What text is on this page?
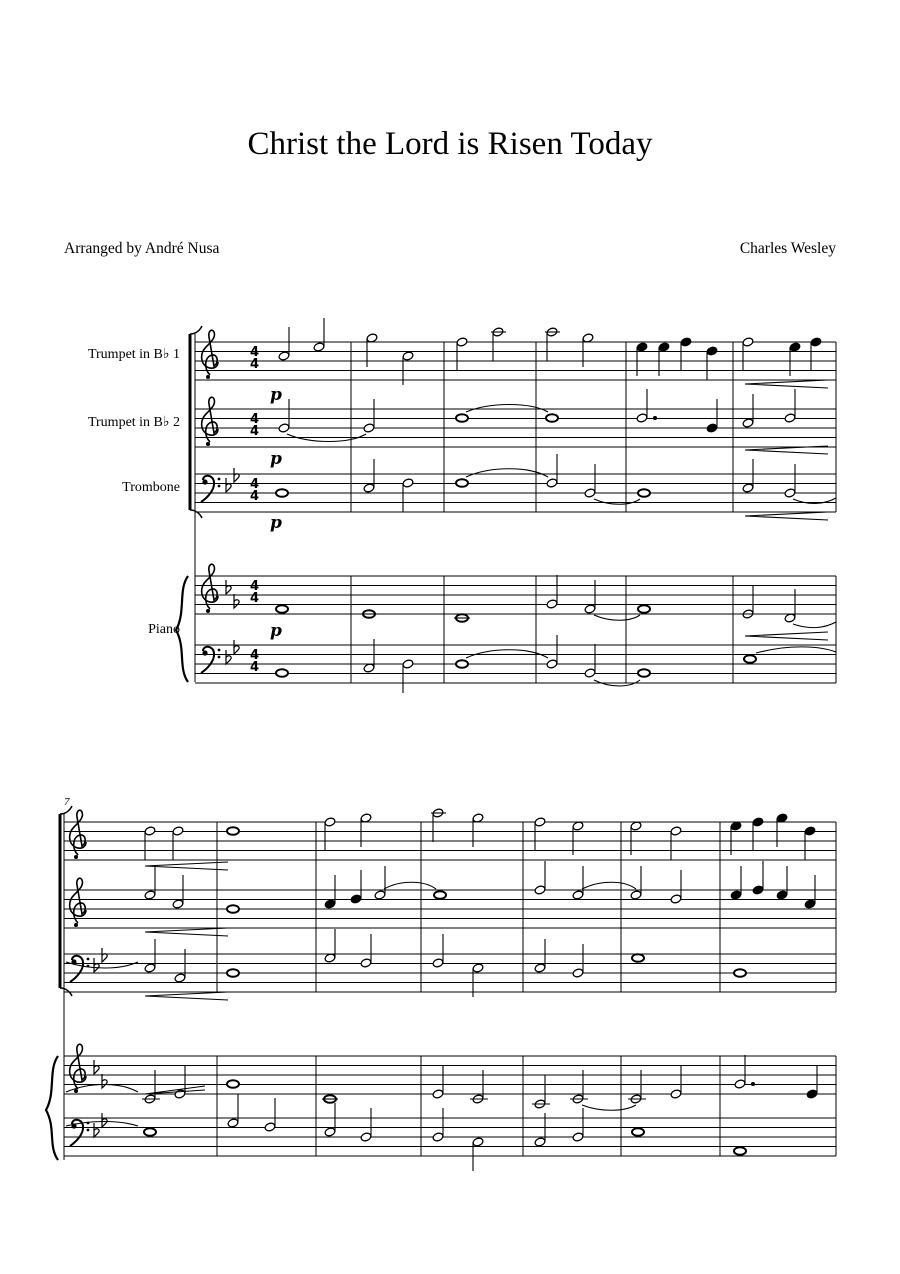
Christ the Lord is Risen Today
Arranged by André Nusa	Charles Wesley
Trumpet in B♭ 1
Trumpet in B♭ 2
Trombone
Piano
4
p
p
p
p
7
